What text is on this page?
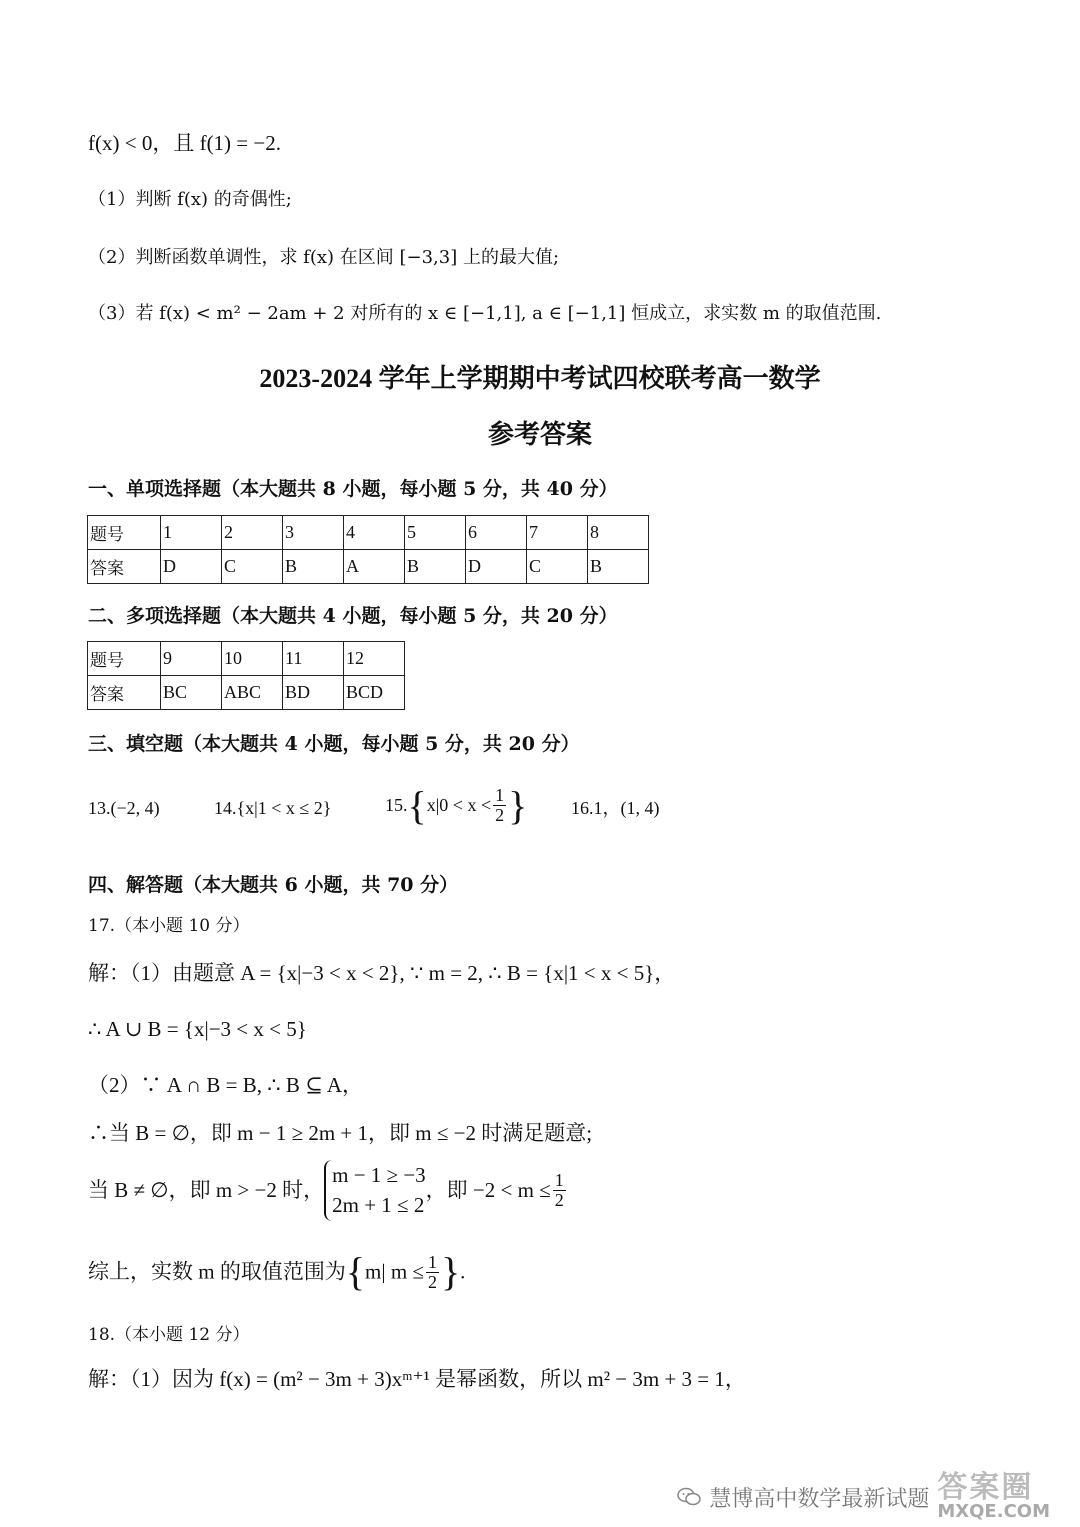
f(x) < 0，且 f(1) = −2.
（1）判断 f(x) 的奇偶性;
（2）判断函数单调性，求 f(x) 在区间 [−3,3] 上的最大值;
（3）若 f(x) < m² − 2am + 2 对所有的 x ∈ [−1,1], a ∈ [−1,1] 恒成立，求实数 m 的取值范围.
2023-2024 学年上学期期中考试四校联考高一数学
参考答案
一、单项选择题（本大题共 8 小题，每小题 5 分，共 40 分）
题号	1	2	3	4	5	6	7	8
答案	D	C	B	A	B	D	C	B
二、多项选择题（本大题共 4 小题，每小题 5 分，共 20 分）
题号	9	10	11	12
答案	BC	ABC	BD	BCD
三、填空题（本大题共 4 小题，每小题 5 分，共 20 分）
13.(−2, 4)	14.{x|1 < x ≤ 2}	$15.\{x|0 < x < \frac{1}{2}$ } 16.1，(1, 4)
四、解答题（本大题共 6 小题，共 70 分）
17.（本小题 10 分）
解：（1）由题意 A = {x|−3 < x < 2}, ∵ m = 2, ∴ B = {x|1 < x < 5}，
∴ A ∪ B = {x|−3 < x < 5}
（2）∵ A ∩ B = B, ∴ B ⊆ A，
∴当 B = ∅，即 m − 1 ≥ 2m + 1，即 m ≤ −2 时满足题意;
当 B ≠ ∅，即 m > −2 时，
m − 1 ≥ −3
2m + 1 ≤ 2
，即 $-2 < m \le \frac{1}{2}$
综上，实数 m 的取值范围为{m| $m \le \frac{1}{2}$ }.
18.（本小题 12 分）
解：（1）因为 f(x) = (m² − 3m + 3)xᵐ⁺¹ 是幂函数，所以 m² − 3m + 3 = 1，
慧博高中数学最新试题 答案圈
MXQE.COM
